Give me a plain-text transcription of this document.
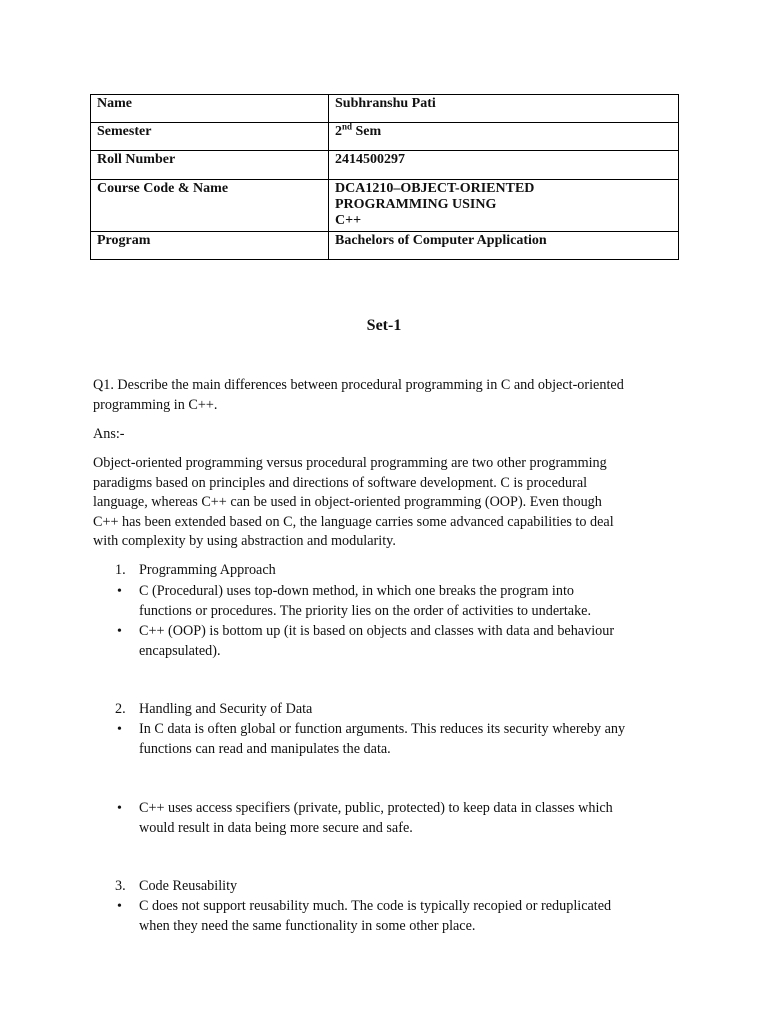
Name	Subhranshu Pati
Semester	2nd Sem
Roll Number	2414500297
Course Code & Name	DCA1210–OBJECT-ORIENTED
PROGRAMMING USING
C++

Program	Bachelors of Computer Application
Set-1
Q1. Describe the main differences between procedural programming in C and object-oriented
programming in C++.
Ans:-
Object-oriented programming versus procedural programming are two other programming
paradigms based on principles and directions of software development. C is procedural
language, whereas C++ can be used in object-oriented programming (OOP). Even though
C++ has been extended based on C, the language carries some advanced capabilities to deal
with complexity by using abstraction and modularity.
1. Programming Approach
• C (Procedural) uses top-down method, in which one breaks the program into
functions or procedures. The priority lies on the order of activities to undertake.
• C++ (OOP) is bottom up (it is based on objects and classes with data and behaviour
encapsulated).
2. Handling and Security of Data
• In C data is often global or function arguments. This reduces its security whereby any
functions can read and manipulates the data.
• C++ uses access specifiers (private, public, protected) to keep data in classes which
would result in data being more secure and safe.
3. Code Reusability
• C does not support reusability much. The code is typically recopied or reduplicated
when they need the same functionality in some other place.
